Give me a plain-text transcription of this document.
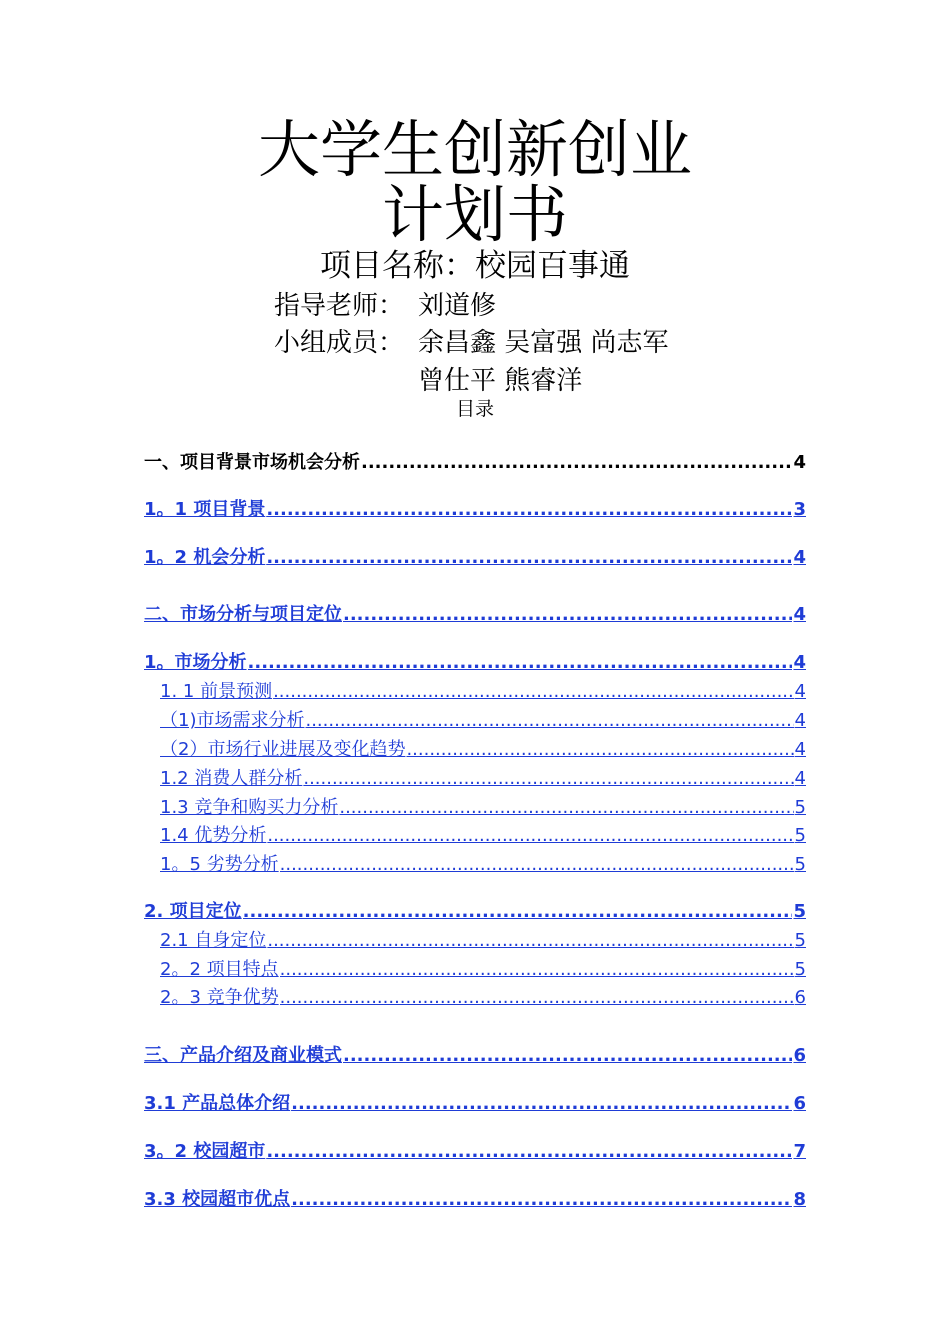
大学生创新创业
计划书
项目名称：校园百事通
指导老师： 刘道修
小组成员： 余昌鑫 吴富强 尚志军
曾仕平 熊睿洋
目录
一、项目背景市场机会分析 .....	4
1。1 项目背景 .....	3
1。2 机会分析 .....	4
二、市场分析与项目定位 .....	4
1。市场分析 .....	4
1. 1 前景预测 .....	4
（1)市场需求分析 .....	4
（2）市场行业进展及变化趋势 .....	4
1.2 消费人群分析 .....	4
1.3 竞争和购买力分析 .....	5
1.4 优势分析 .....	5
1。5 劣势分析 .....	5
2. 项目定位 .....	5
2.1 自身定位 .....	5
2。2 项目特点 .....	5
2。3 竞争优势 .....	6
三、产品介绍及商业模式 .....	6
3.1 产品总体介绍 .....	6
3。2 校园超市 .....	7
3.3 校园超市优点 .....	8
